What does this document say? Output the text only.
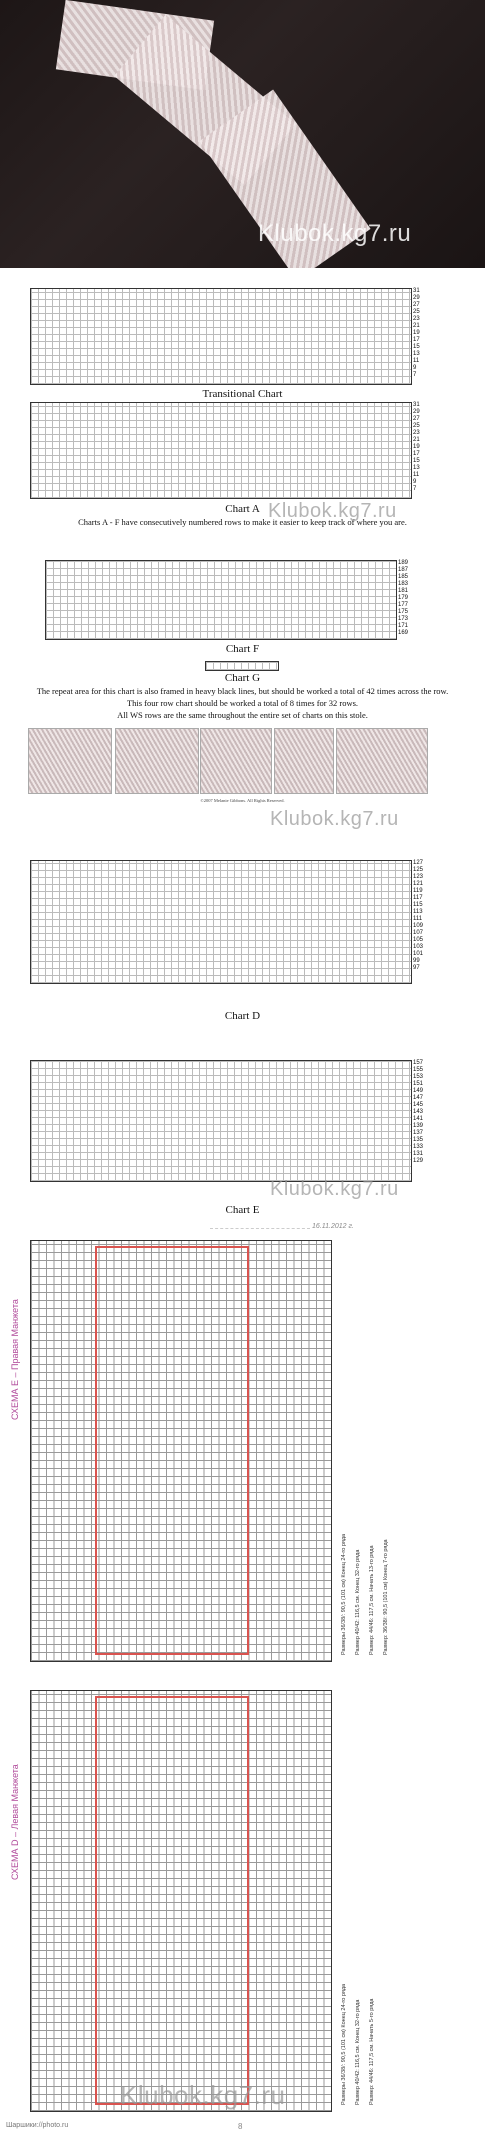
Klubok.kg7.ru
31
29
27
25
23
21
19
17
15
13
11
9
7
Transitional Chart
31
29
27
25
23
21
19
17
15
13
11
9
7
Chart A
Charts A - F have consecutively numbered rows to make it easier to keep track of where you are.
Klubok.kg7.ru
189
187
185
183
181
179
177
175
173
171
169
Chart F
Chart G
The repeat area for this chart is also framed in heavy black lines, but should be worked a total of 42 times across the row.
This four row chart should be worked a total of 8 times for 32 rows.
All WS rows are the same throughout the entire set of charts on this stole.
©2007 Melanie Gibbons. All Rights Reserved.
Klubok.kg7.ru
127
125
123
121
119
117
115
113
111
109
107
105
103
101
99
97
Chart D
157
155
153
151
149
147
145
143
141
139
137
135
133
131
129
Klubok.kg7.ru
Chart E
16.11.2012 г.
СХЕМА Е – Правая Манжета
Размеры 36/38/: 90,5 (101 см) Конец 24-го ряда Размер 40/42: 116,5 см. Конец 32-го ряда Размер: 44/46: 117,5 см. Начать 13-го ряда Размер: 36/38/: 90,5 (101 см) Конец 7-го ряда
СХЕМА D – Левая Манжета
Размеры 36/38/: 90,5 (101 см) Конец 24-го ряда Размер 40/42: 116,5 см. Конец 32-го ряда Размер: 44/46: 117,5 см. Начать 5-го ряда
Klubok.kg7.ru
Шаршики://photo.ru	8
